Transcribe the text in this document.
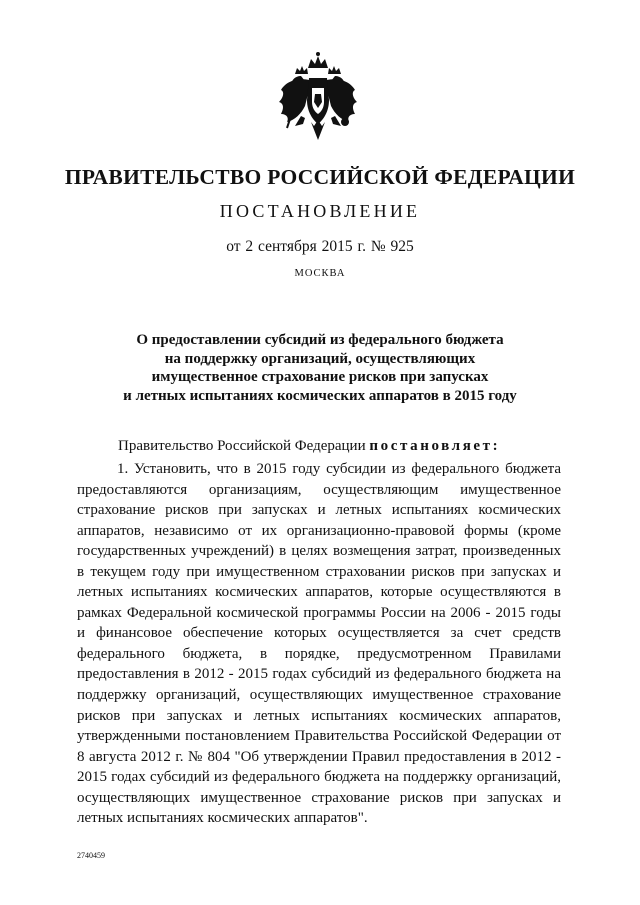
ПРАВИТЕЛЬСТВО РОССИЙСКОЙ ФЕДЕРАЦИИ
ПОСТАНОВЛЕНИЕ
от 2 сентября 2015 г. № 925
МОСКВА
О предоставлении субсидий из федерального бюджета
на поддержку организаций, осуществляющих
имущественное страхование рисков при запусках
и летных испытаниях космических аппаратов в 2015 году
Правительство Российской Федерации постановляет:

1. Установить, что в 2015 году субсидии из федерального бюджета предоставляются организациям, осуществляющим имущественное страхование рисков при запусках и летных испытаниях космических аппаратов, независимо от их организационно-правовой формы (кроме государственных учреждений) в целях возмещения затрат, произведенных в текущем году при имущественном страховании рисков при запусках и летных испытаниях космических аппаратов, которые осуществляются в рамках Федеральной космической программы России на 2006 - 2015 годы и финансовое обеспечение которых осуществляется за счет средств федерального бюджета, в порядке, предусмотренном Правилами предоставления в 2012 - 2015 годах субсидий из федерального бюджета на поддержку организаций, осуществляющих имущественное страхование рисков при запусках и летных испытаниях космических аппаратов, утвержденными постановлением Правительства Российской Федерации от 8 августа 2012 г. № 804 "Об утверждении Правил предоставления в 2012 - 2015 годах субсидий из федерального бюджета на поддержку организаций, осуществляющих имущественное страхование рисков при запусках и летных испытаниях космических аппаратов".

2740459
